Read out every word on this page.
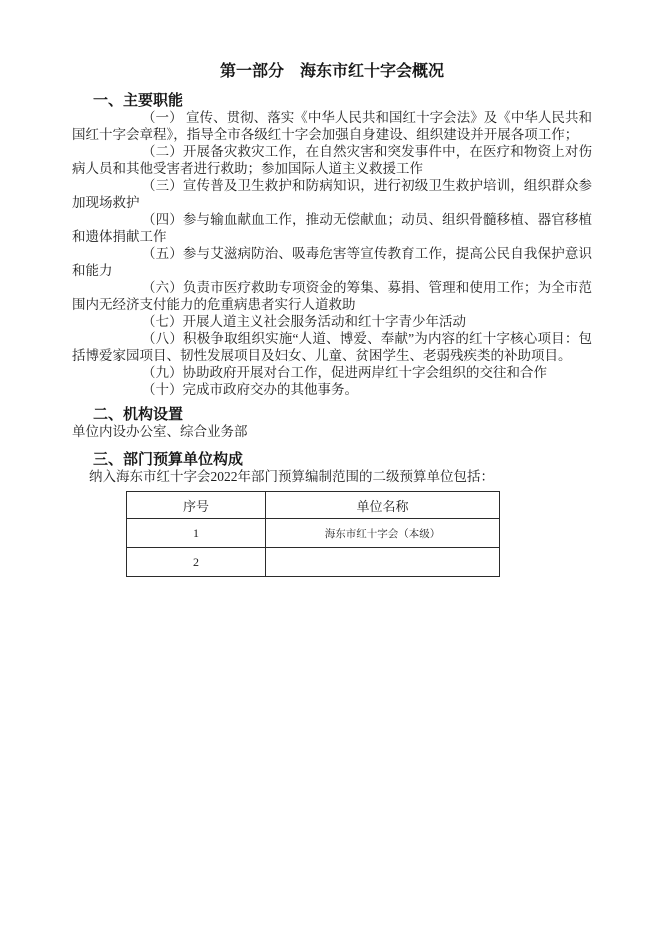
第一部分　海东市红十字会概况
一、主要职能

（一） 宣传、贯彻、落实《中华人民共和国红十字会法》及《中华人民共和国红十字会章程》，指导全市各级红十字会加强自身建设、组织建设并开展各项工作；

（二）开展备灾救灾工作，在自然灾害和突发事件中，在医疗和物资上对伤病人员和其他受害者进行救助；参加国际人道主义救援工作

（三）宣传普及卫生救护和防病知识，进行初级卫生救护培训，组织群众参加现场救护

（四）参与输血献血工作，推动无偿献血；动员、组织骨髓移植、器官移植和遗体捐献工作

（五）参与艾滋病防治、吸毒危害等宣传教育工作，提高公民自我保护意识和能力

（六）负责市医疗救助专项资金的筹集、募捐、管理和使用工作；为全市范围内无经济支付能力的危重病患者实行人道救助

（七）开展人道主义社会服务活动和红十字青少年活动

（八）积极争取组织实施“人道、博爱、奉献”为内容的红十字核心项目：包括博爱家园项目、韧性发展项目及妇女、儿童、贫困学生、老弱残疾类的补助项目。

（九）协助政府开展对台工作，促进两岸红十字会组织的交往和合作

（十）完成市政府交办的其他事务。

二、机构设置

单位内设办公室、综合业务部

三、部门预算单位构成

纳入海东市红十字会2022年部门预算编制范围的二级预算单位包括：

序号	单位名称
1	海东市红十字会（本级）
2	
